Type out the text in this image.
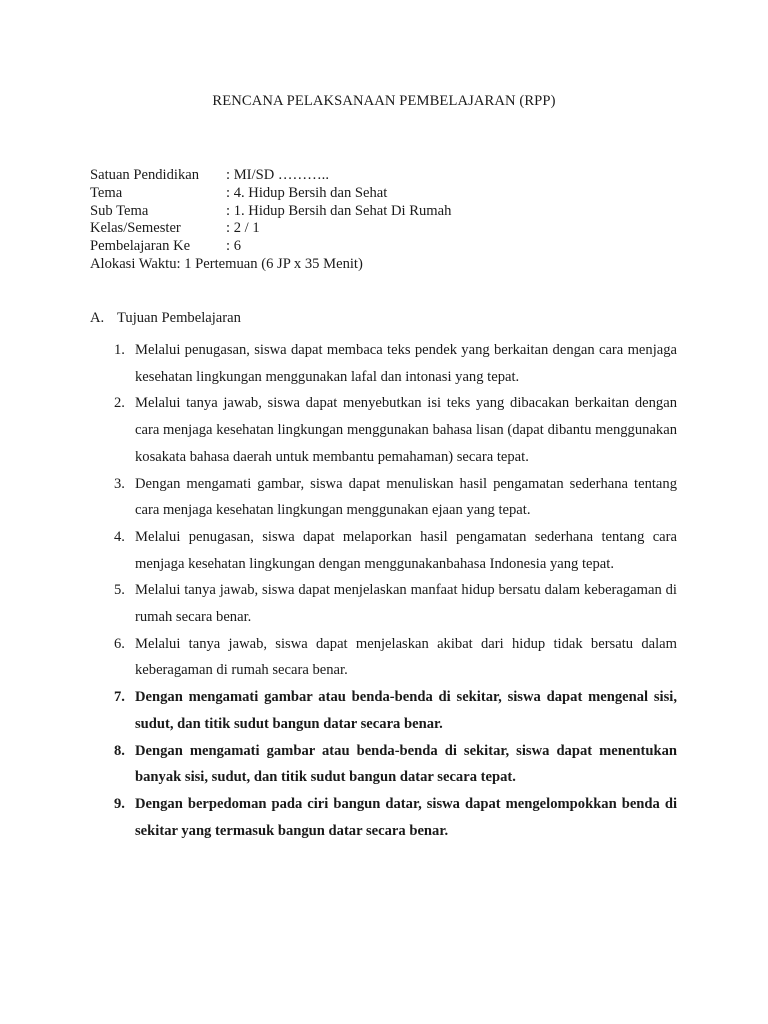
RENCANA PELAKSANAAN PEMBELAJARAN (RPP)
Satuan Pendidikan : MI/SD ………..
Tema	: 4. Hidup Bersih dan Sehat
Sub Tema	: 1. Hidup Bersih dan Sehat Di Rumah
Kelas/Semester	: 2 / 1
Pembelajaran Ke : 6
Alokasi Waktu: 1 Pertemuan (6 JP x 35 Menit)
A. Tujuan Pembelajaran
1. Melalui penugasan, siswa dapat membaca teks pendek yang berkaitan dengan cara menjaga kesehatan lingkungan menggunakan lafal dan intonasi yang tepat.
2. Melalui tanya jawab, siswa dapat menyebutkan isi teks yang dibacakan berkaitan dengan cara menjaga kesehatan lingkungan menggunakan bahasa lisan (dapat dibantu menggunakan kosakata bahasa daerah untuk membantu pemahaman) secara tepat.
3. Dengan mengamati gambar, siswa dapat menuliskan hasil pengamatan sederhana tentang cara menjaga kesehatan lingkungan menggunakan ejaan yang tepat.
4. Melalui penugasan, siswa dapat melaporkan hasil pengamatan sederhana tentang cara menjaga kesehatan lingkungan dengan menggunakanbahasa Indonesia yang tepat.
5. Melalui tanya jawab, siswa dapat menjelaskan manfaat hidup bersatu dalam keberagaman di rumah secara benar.
6. Melalui tanya jawab, siswa dapat menjelaskan akibat dari hidup tidak bersatu dalam keberagaman di rumah secara benar.
7. Dengan mengamati gambar atau benda-benda di sekitar, siswa dapat mengenal sisi, sudut, dan titik sudut bangun datar secara benar.
8. Dengan mengamati gambar atau benda-benda di sekitar, siswa dapat menentukan banyak sisi, sudut, dan titik sudut bangun datar secara tepat.
9. Dengan berpedoman pada ciri bangun datar, siswa dapat mengelompokkan benda di sekitar yang termasuk bangun datar secara benar.
